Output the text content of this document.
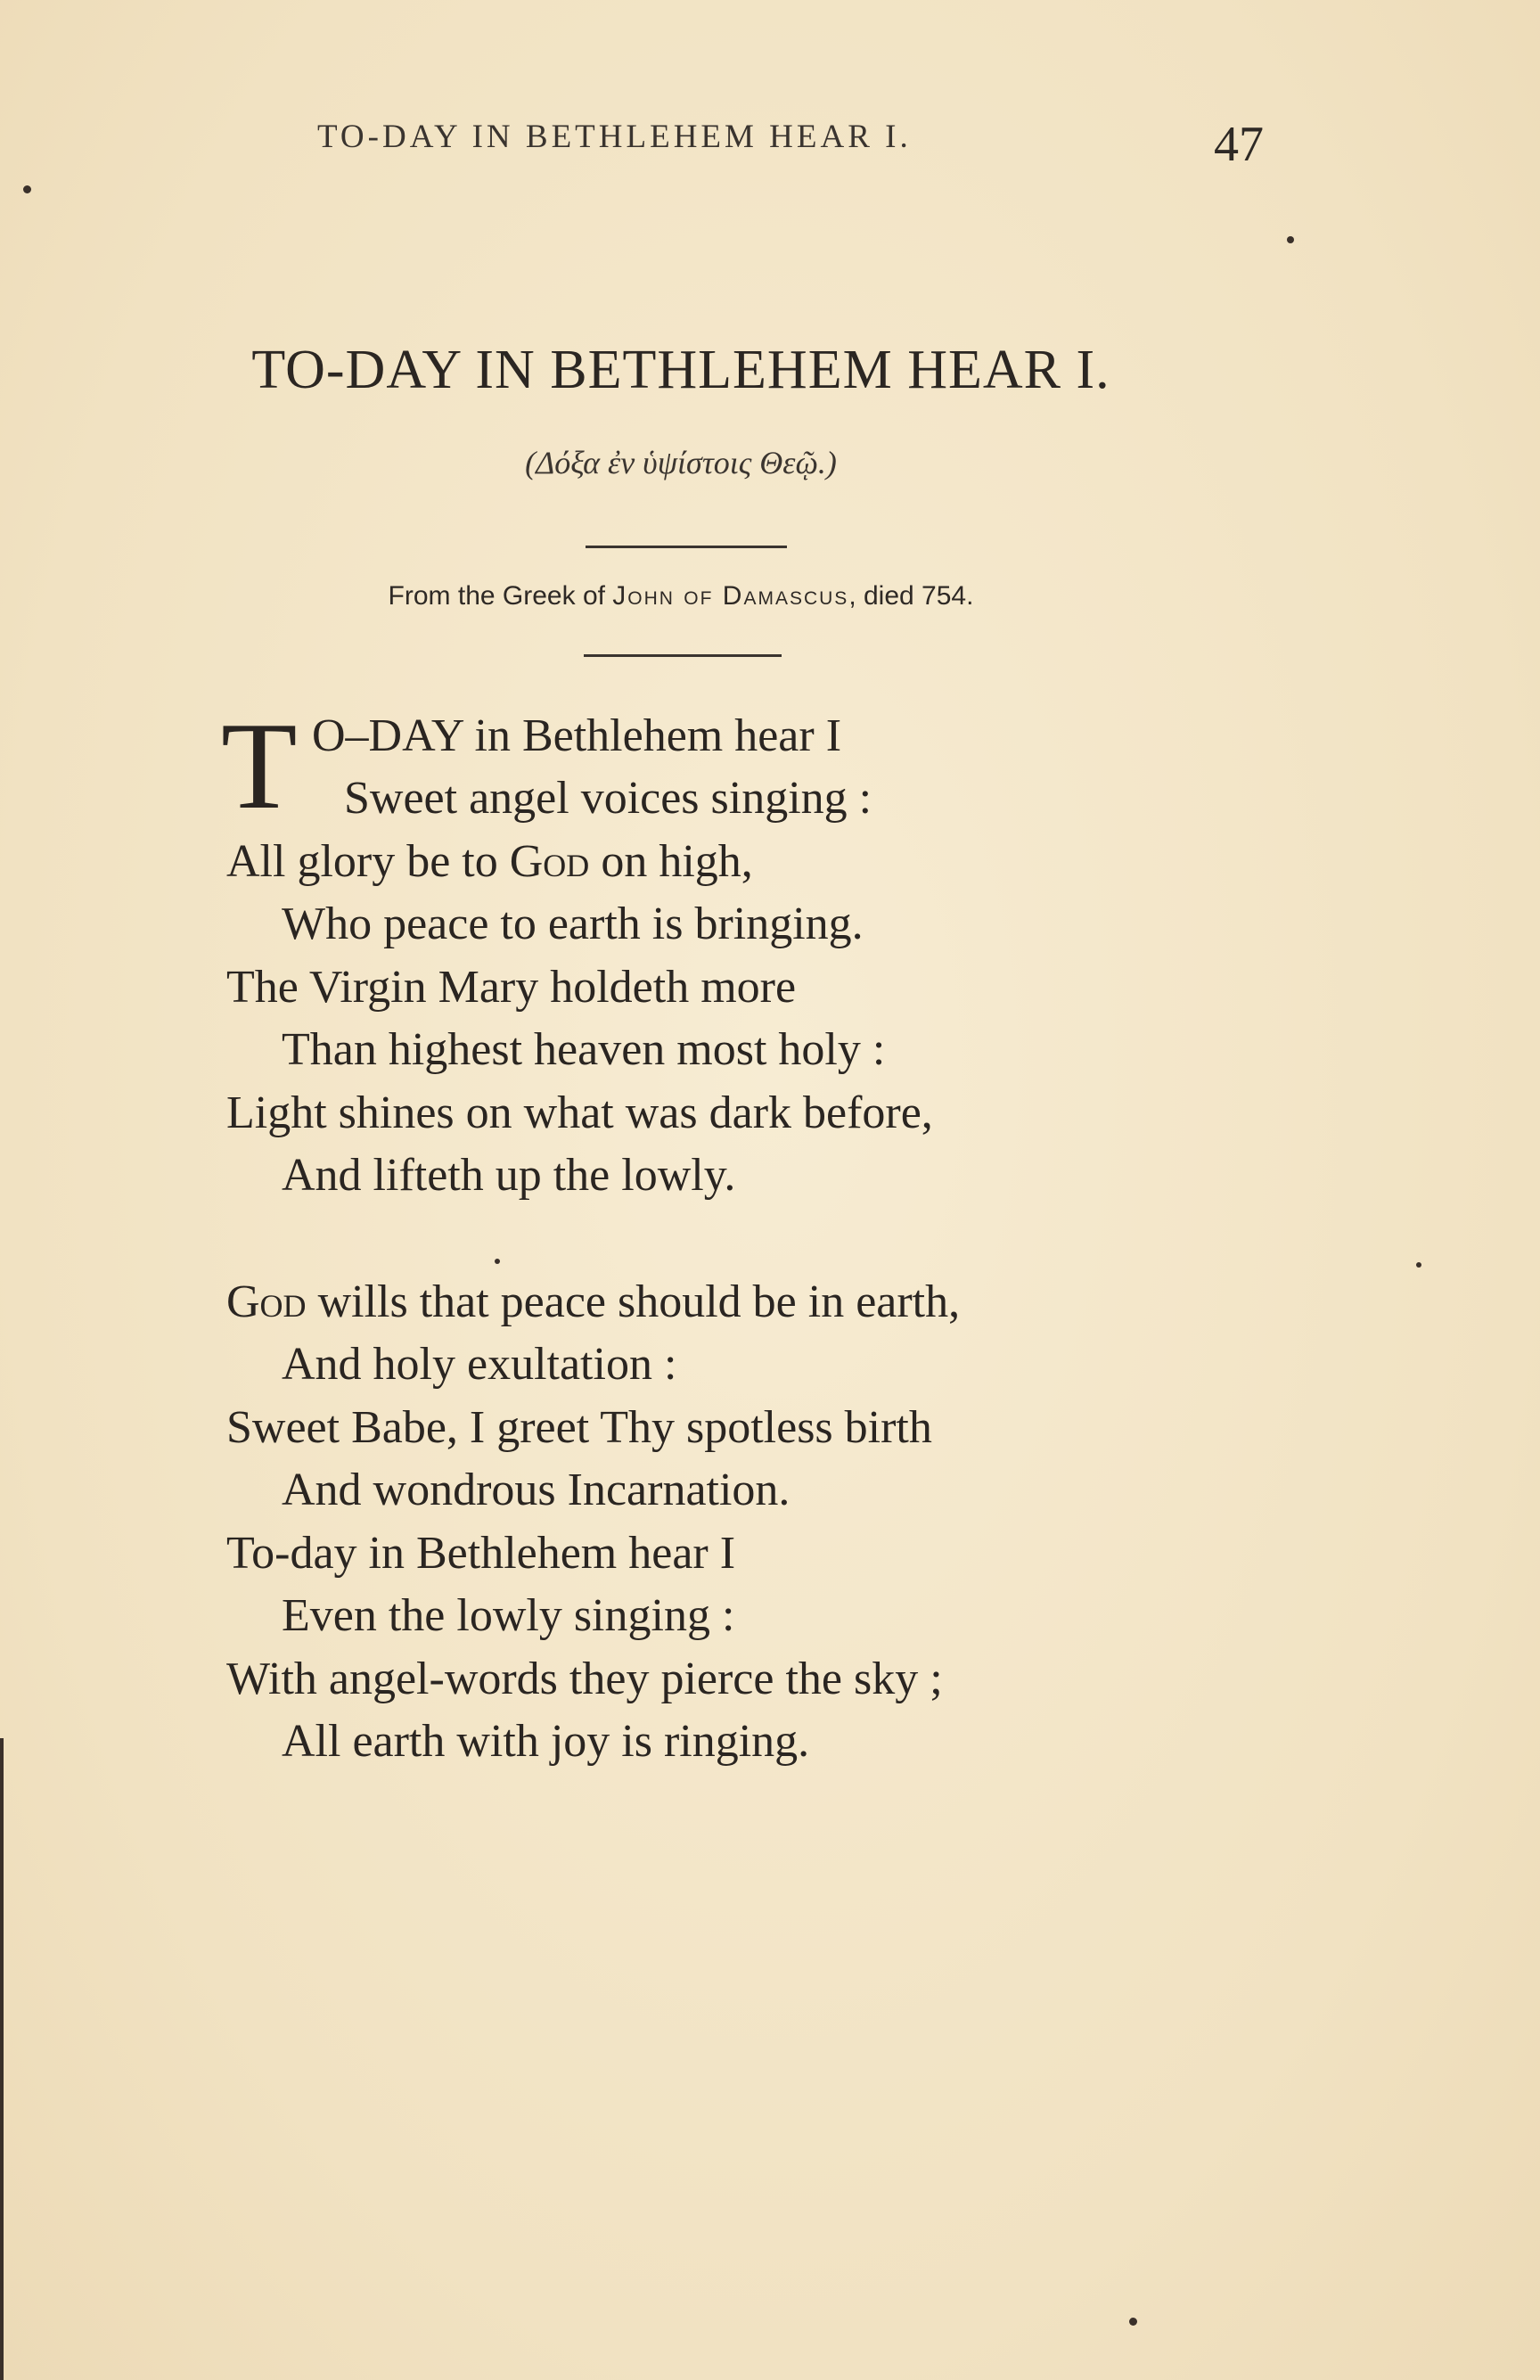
TO-DAY IN BETHLEHEM HEAR I.	47
TO-DAY IN BETHLEHEM HEAR I.
(Δόξα ἐν ὑψίστοις Θεῷ.)
From the Greek of John of Damascus, died 754.
T O–DAY in Bethlehem hear I
Sweet angel voices singing :
All glory be to God on high,
Who peace to earth is bringing.
The Virgin Mary holdeth more
Than highest heaven most holy :
Light shines on what was dark before,
And lifteth up the lowly.
God wills that peace should be in earth,
And holy exultation :
Sweet Babe, I greet Thy spotless birth
And wondrous Incarnation.
To-day in Bethlehem hear I
Even the lowly singing :
With angel-words they pierce the sky ;
All earth with joy is ringing.
